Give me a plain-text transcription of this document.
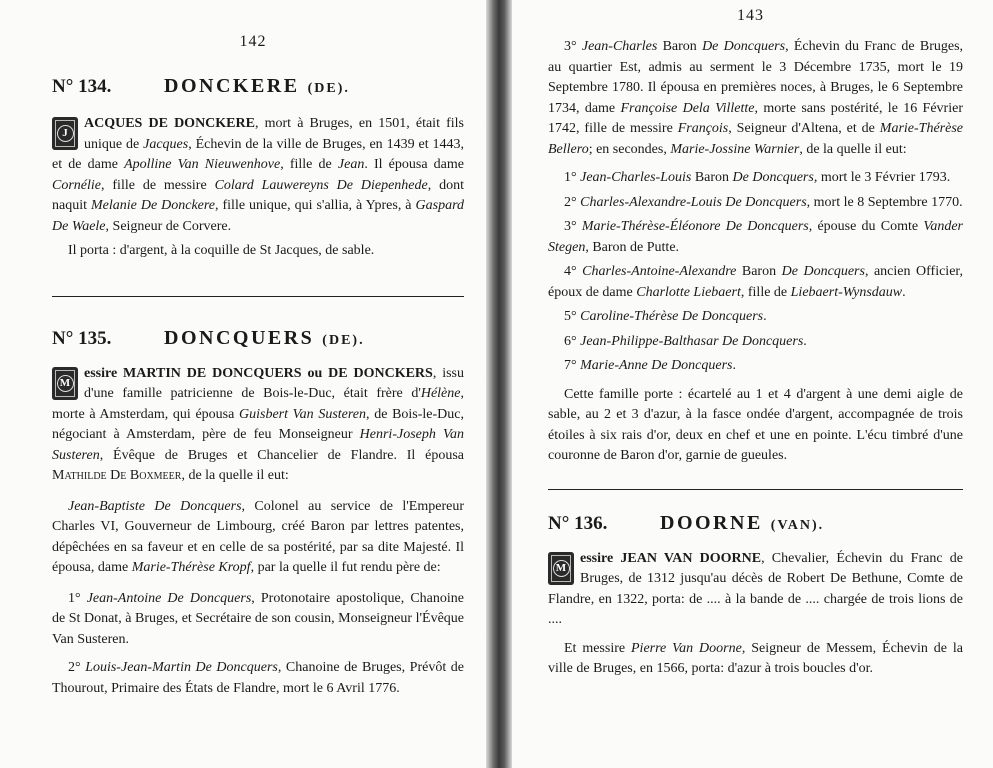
142
N° 134.	DONCKERE (DE).

J
ACQUES DE DONCKERE, mort à Bruges, en 1501, était fils unique de Jacques, Échevin de la ville de Bruges, en 1439 et 1443, et de dame Apolline Van Nieuwenhove, fille de Jean. Il épousa dame Cornélie, fille de messire Colard Lauwereyns De Diepenhede, dont naquit Melanie De Donckere, fille unique, qui s'allia, à Ypres, à Gaspard De Waele, Seigneur de Corvere.

Il porta : d'argent, à la coquille de St Jacques, de sable.

N° 135.	DONCQUERS (DE).

M
essire MARTIN DE DONCQUERS ou DE DONCKERS, issu d'une famille patricienne de Bois-le-Duc, était frère d'Hélène, morte à Amsterdam, qui épousa Guisbert Van Susteren, de Bois-le-Duc, négociant à Amsterdam, père de feu Monseigneur Henri-Joseph Van Susteren, Évêque de Bruges et Chancelier de Flandre. Il épousa Mathilde De Boxmeer, de la quelle il eut:

Jean-Baptiste De Doncquers, Colonel au service de l'Empereur Charles VI, Gouverneur de Limbourg, créé Baron par lettres patentes, dépêchées en sa faveur et en celle de sa postérité, par sa dite Majesté. Il épousa, dame Marie-Thérèse Kropf, par la quelle il fut rendu père de:

1° Jean-Antoine De Doncquers, Protonotaire apostolique, Chanoine de St Donat, à Bruges, et Secrétaire de son cousin, Monseigneur l'Évêque Van Susteren.

2° Louis-Jean-Martin De Doncquers, Chanoine de Bruges, Prévôt de Thourout, Primaire des États de Flandre, mort le 6 Avril 1776.

143

3° Jean-Charles Baron De Doncquers, Échevin du Franc de Bruges, au quartier Est, admis au serment le 3 Décembre 1735, mort le 19 Septembre 1780. Il épousa en premières noces, à Bruges, le 6 Septembre 1734, dame Françoise Dela Villette, morte sans postérité, le 16 Février 1742, fille de messire François, Seigneur d'Altena, et de Marie-Thérèse Bellero; en secondes, Marie-Jossine Warnier, de la quelle il eut:

1° Jean-Charles-Louis Baron De Doncquers, mort le 3 Février 1793.

2° Charles-Alexandre-Louis De Doncquers, mort le 8 Septembre 1770.

3° Marie-Thérèse-Éléonore De Doncquers, épouse du Comte Vander Stegen, Baron de Putte.

4° Charles-Antoine-Alexandre Baron De Doncquers, ancien Officier, époux de dame Charlotte Liebaert, fille de Liebaert-Wynsdauw.

5° Caroline-Thérèse De Doncquers.

6° Jean-Philippe-Balthasar De Doncquers.

7° Marie-Anne De Doncquers.

Cette famille porte : écartelé au 1 et 4 d'argent à une demi aigle de sable, au 2 et 3 d'azur, à la fasce ondée d'argent, accompagnée de trois étoiles à six rais d'or, deux en chef et une en pointe. L'écu timbré d'une couronne de Baron d'or, garnie de gueules.

N° 136.	DOORNE (VAN).

M
essire JEAN VAN DOORNE, Chevalier, Échevin du Franc de Bruges, de 1312 jusqu'au décès de Robert De Bethune, Comte de Flandre, en 1322, porta: de .... à la bande de .... chargée de trois lions de ....

Et messire Pierre Van Doorne, Seigneur de Messem, Échevin de la ville de Bruges, en 1566, porta: d'azur à trois boucles d'or.
